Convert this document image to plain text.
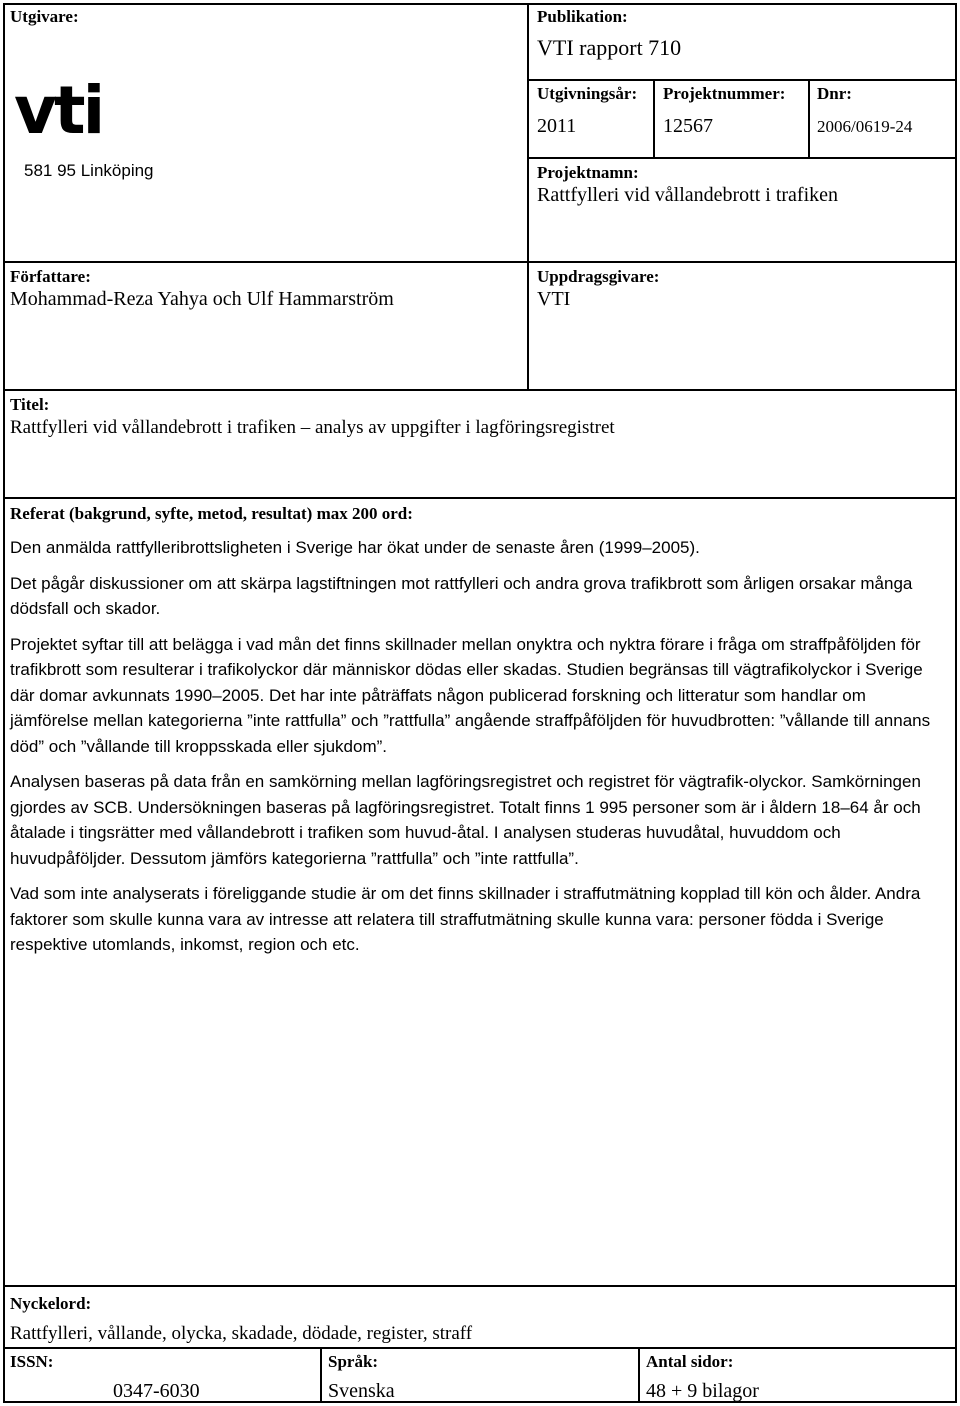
Utgivare:
vti
581 95 Linköping
Publikation:
VTI rapport 710
Utgivningsår:
2011
Projektnummer:
12567
Dnr:
2006/0619-24
Projektnamn:
Rattfylleri vid vållandebrott i trafiken
Författare:
Mohammad-Reza Yahya och Ulf Hammarström
Uppdragsgivare:
VTI
Titel:
Rattfylleri vid vållandebrott i trafiken – analys av uppgifter i lagföringsregistret
Referat (bakgrund, syfte, metod, resultat) max 200 ord:

Den anmälda rattfylleribrottsligheten i Sverige har ökat under de senaste åren (1999–2005).

Det pågår diskussioner om att skärpa lagstiftningen mot rattfylleri och andra grova trafikbrott som årligen orsakar många dödsfall och skador.

Projektet syftar till att belägga i vad mån det finns skillnader mellan onyktra och nyktra förare i fråga om straffpåföljden för trafikbrott som resulterar i trafikolyckor där människor dödas eller skadas. Studien begränsas till vägtrafikolyckor i Sverige där domar avkunnats 1990–2005. Det har inte påträffats någon publicerad forskning och litteratur som handlar om jämförelse mellan kategorierna ”inte rattfulla” och ”rattfulla” angående straffpåföljden för huvudbrotten: ”vållande till annans död” och ”vållande till kroppsskada eller sjukdom”.

Analysen baseras på data från en samkörning mellan lagföringsregistret och registret för vägtrafik-olyckor. Samkörningen gjordes av SCB. Undersökningen baseras på lagföringsregistret. Totalt finns 1 995 personer som är i åldern 18–64 år och åtalade i tingsrätter med vållandebrott i trafiken som huvud-åtal. I analysen studeras huvudåtal, huvuddom och huvudpåföljder. Dessutom jämförs kategorierna ”rattfulla” och ”inte rattfulla”.

Vad som inte analyserats i föreliggande studie är om det finns skillnader i straffutmätning kopplad till kön och ålder. Andra faktorer som skulle kunna vara av intresse att relatera till straffutmätning skulle kunna vara: personer födda i Sverige respektive utomlands, inkomst, region och etc.

Nyckelord:
Rattfylleri, vållande, olycka, skadade, dödade, register, straff
ISSN:
0347-6030
Språk:
Svenska
Antal sidor:
48 + 9 bilagor
